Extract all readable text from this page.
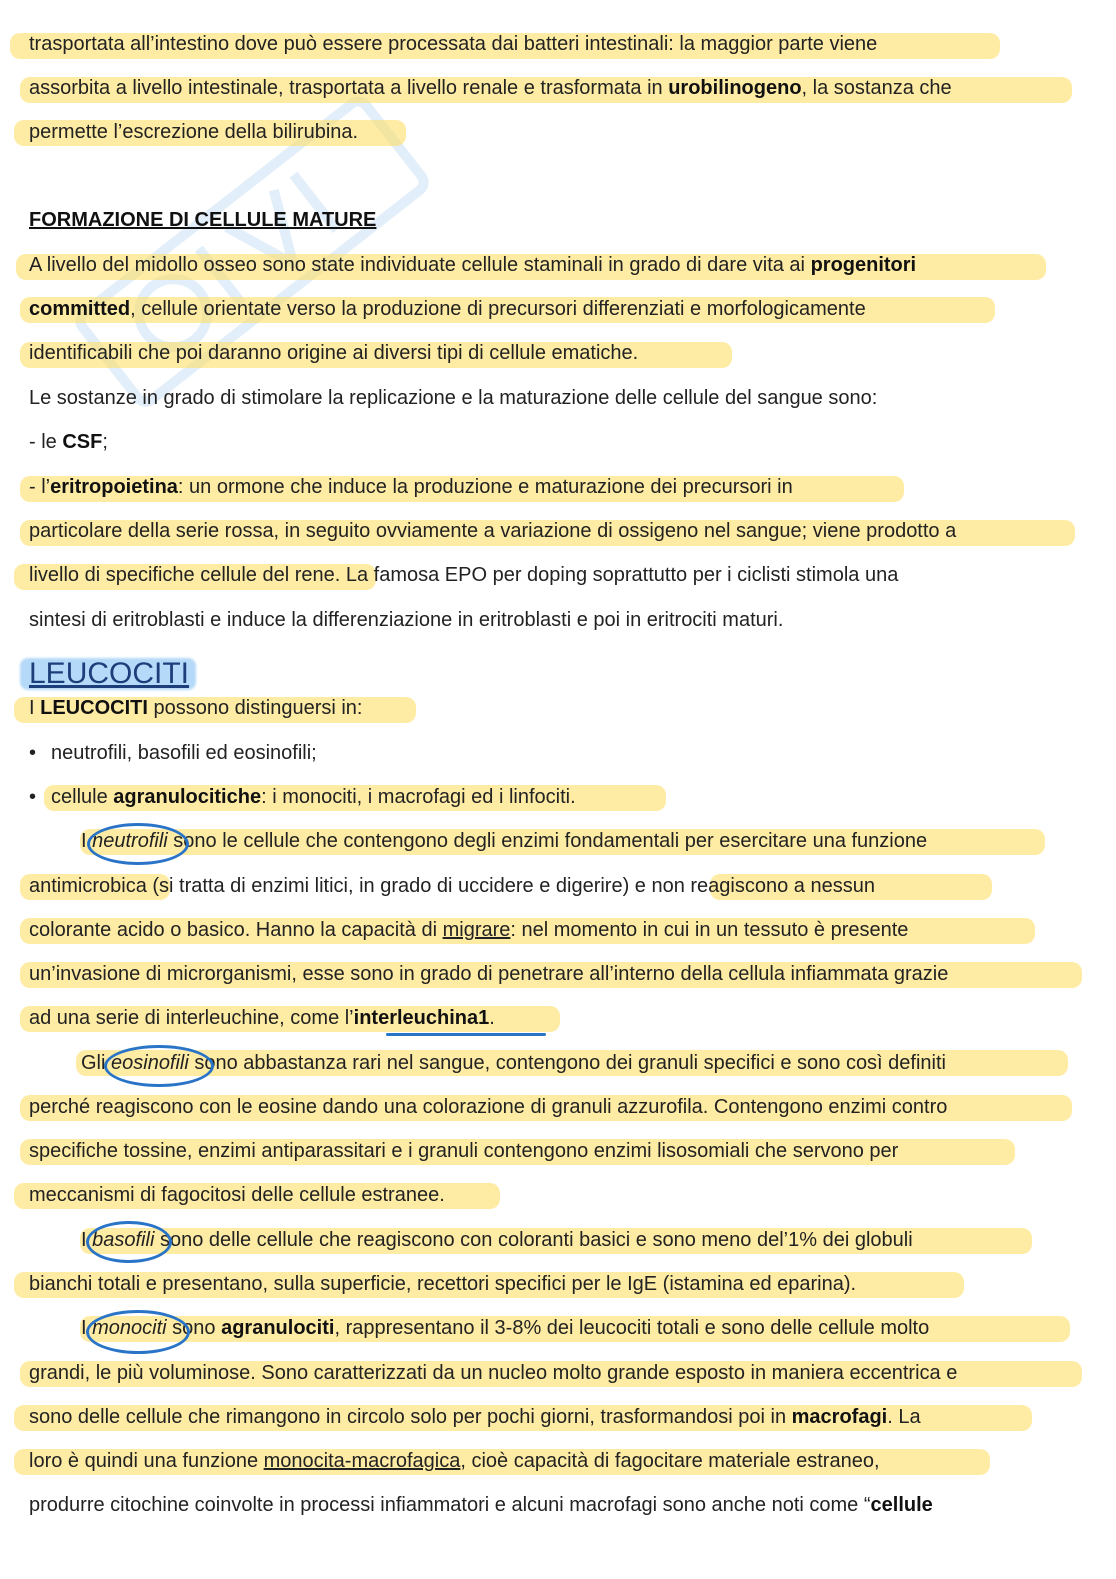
trasportata all’intestino dove può essere processata dai batteri intestinali: la maggior parte viene
assorbita a livello intestinale, trasportata a livello renale e trasformata in urobilinogeno, la sostanza che
permette l’escrezione della bilirubina.
FORMAZIONE DI CELLULE MATURE
A livello del midollo osseo sono state individuate cellule staminali in grado di dare vita ai progenitori
committed, cellule orientate verso la produzione di precursori differenziati e morfologicamente
identificabili che poi daranno origine ai diversi tipi di cellule ematiche.
Le sostanze in grado di stimolare la replicazione e la maturazione delle cellule del sangue sono:
- le CSF;
- l’eritropoietina: un ormone che induce la produzione e maturazione dei precursori in
particolare della serie rossa, in seguito ovviamente a variazione di ossigeno nel sangue; viene prodotto a
livello di specifiche cellule del rene. La famosa EPO per doping soprattutto per i ciclisti stimola una
sintesi di eritroblasti e induce la differenziazione in eritroblasti e poi in eritrociti maturi.
LEUCOCITI
I LEUCOCITI possono distinguersi in:
• neutrofili, basofili ed eosinofili;
• cellule agranulocitiche: i monociti, i macrofagi ed i linfociti.
I neutrofili sono le cellule che contengono degli enzimi fondamentali per esercitare una funzione
antimicrobica (si tratta di enzimi litici, in grado di uccidere e digerire) e non reagiscono a nessun
colorante acido o basico. Hanno la capacità di migrare: nel momento in cui in un tessuto è presente
un’invasione di microrganismi, esse sono in grado di penetrare all’interno della cellula infiammata grazie
ad una serie di interleuchine, come l’interleuchina1.
Gli eosinofili sono abbastanza rari nel sangue, contengono dei granuli specifici e sono così definiti
perché reagiscono con le eosine dando una colorazione di granuli azzurofila. Contengono enzimi contro
specifiche tossine, enzimi antiparassitari e i granuli contengono enzimi lisosomiali che servono per
meccanismi di fagocitosi delle cellule estranee.
I basofili sono delle cellule che reagiscono con coloranti basici e sono meno del’1% dei globuli
bianchi totali e presentano, sulla superficie, recettori specifici per le IgE (istamina ed eparina).
I monociti sono agranulociti, rappresentano il 3-8% dei leucociti totali e sono delle cellule molto
grandi, le più voluminose. Sono caratterizzati da un nucleo molto grande esposto in maniera eccentrica e
sono delle cellule che rimangono in circolo solo per pochi giorni, trasformandosi poi in macrofagi. La
loro è quindi una funzione monocita-macrofagica, cioè capacità di fagocitare materiale estraneo,
produrre citochine coinvolte in processi infiammatori e alcuni macrofagi sono anche noti come “cellule
